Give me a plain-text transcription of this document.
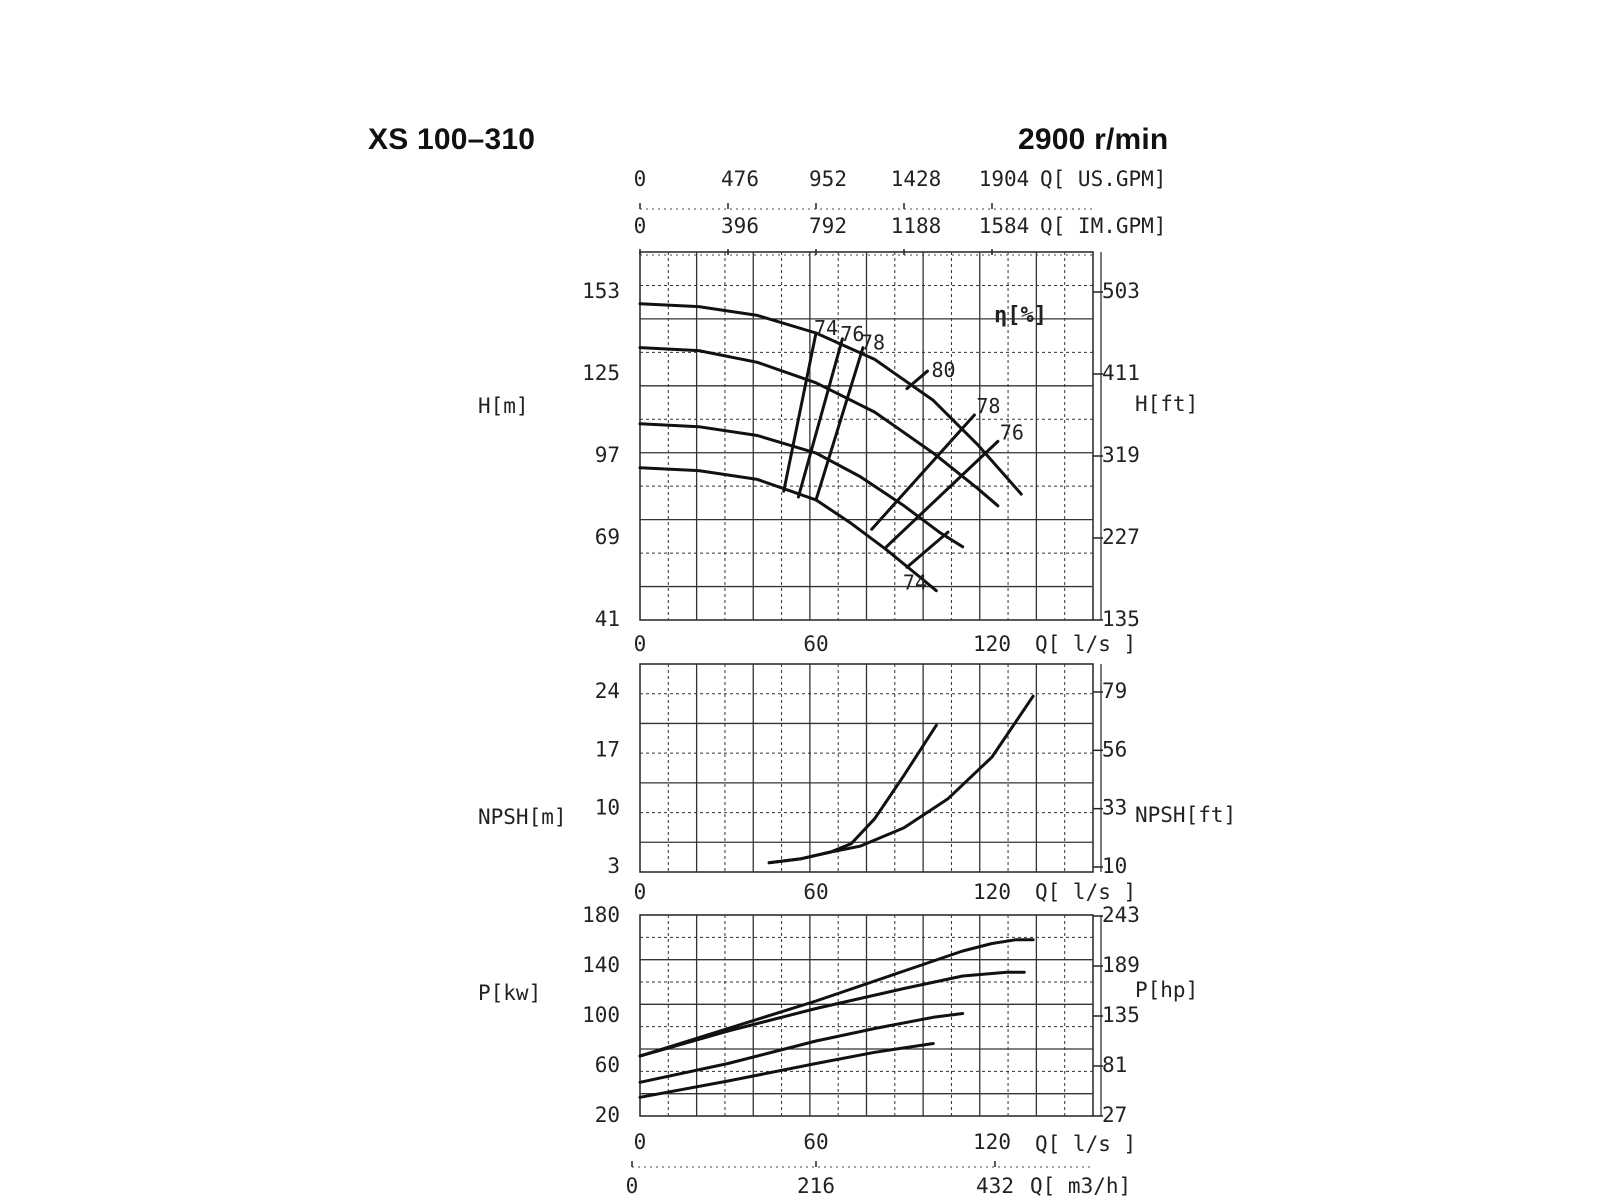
XS 100–310	2900 r/min
41
69
97
125
153
135
227
319
411
503
0	60	120
74 76
78
80
78
76
74
η[%]
H[m]	H[ft]
Q[ l/s ]
0	476 952 1428 1904 Q[ US.GPM]
0	396 792 1188 1584 Q[ IM.GPM]
3
10
17
24
10
33
56
79
0	60	120
NPSH[m]	NPSH[ft]
Q[ l/s ]
20
60
100
140
180
27
81
135
189
243
0	60	120
P[kw]	P[hp]
Q[ l/s ]
0	216	432 Q[ m3/h]
